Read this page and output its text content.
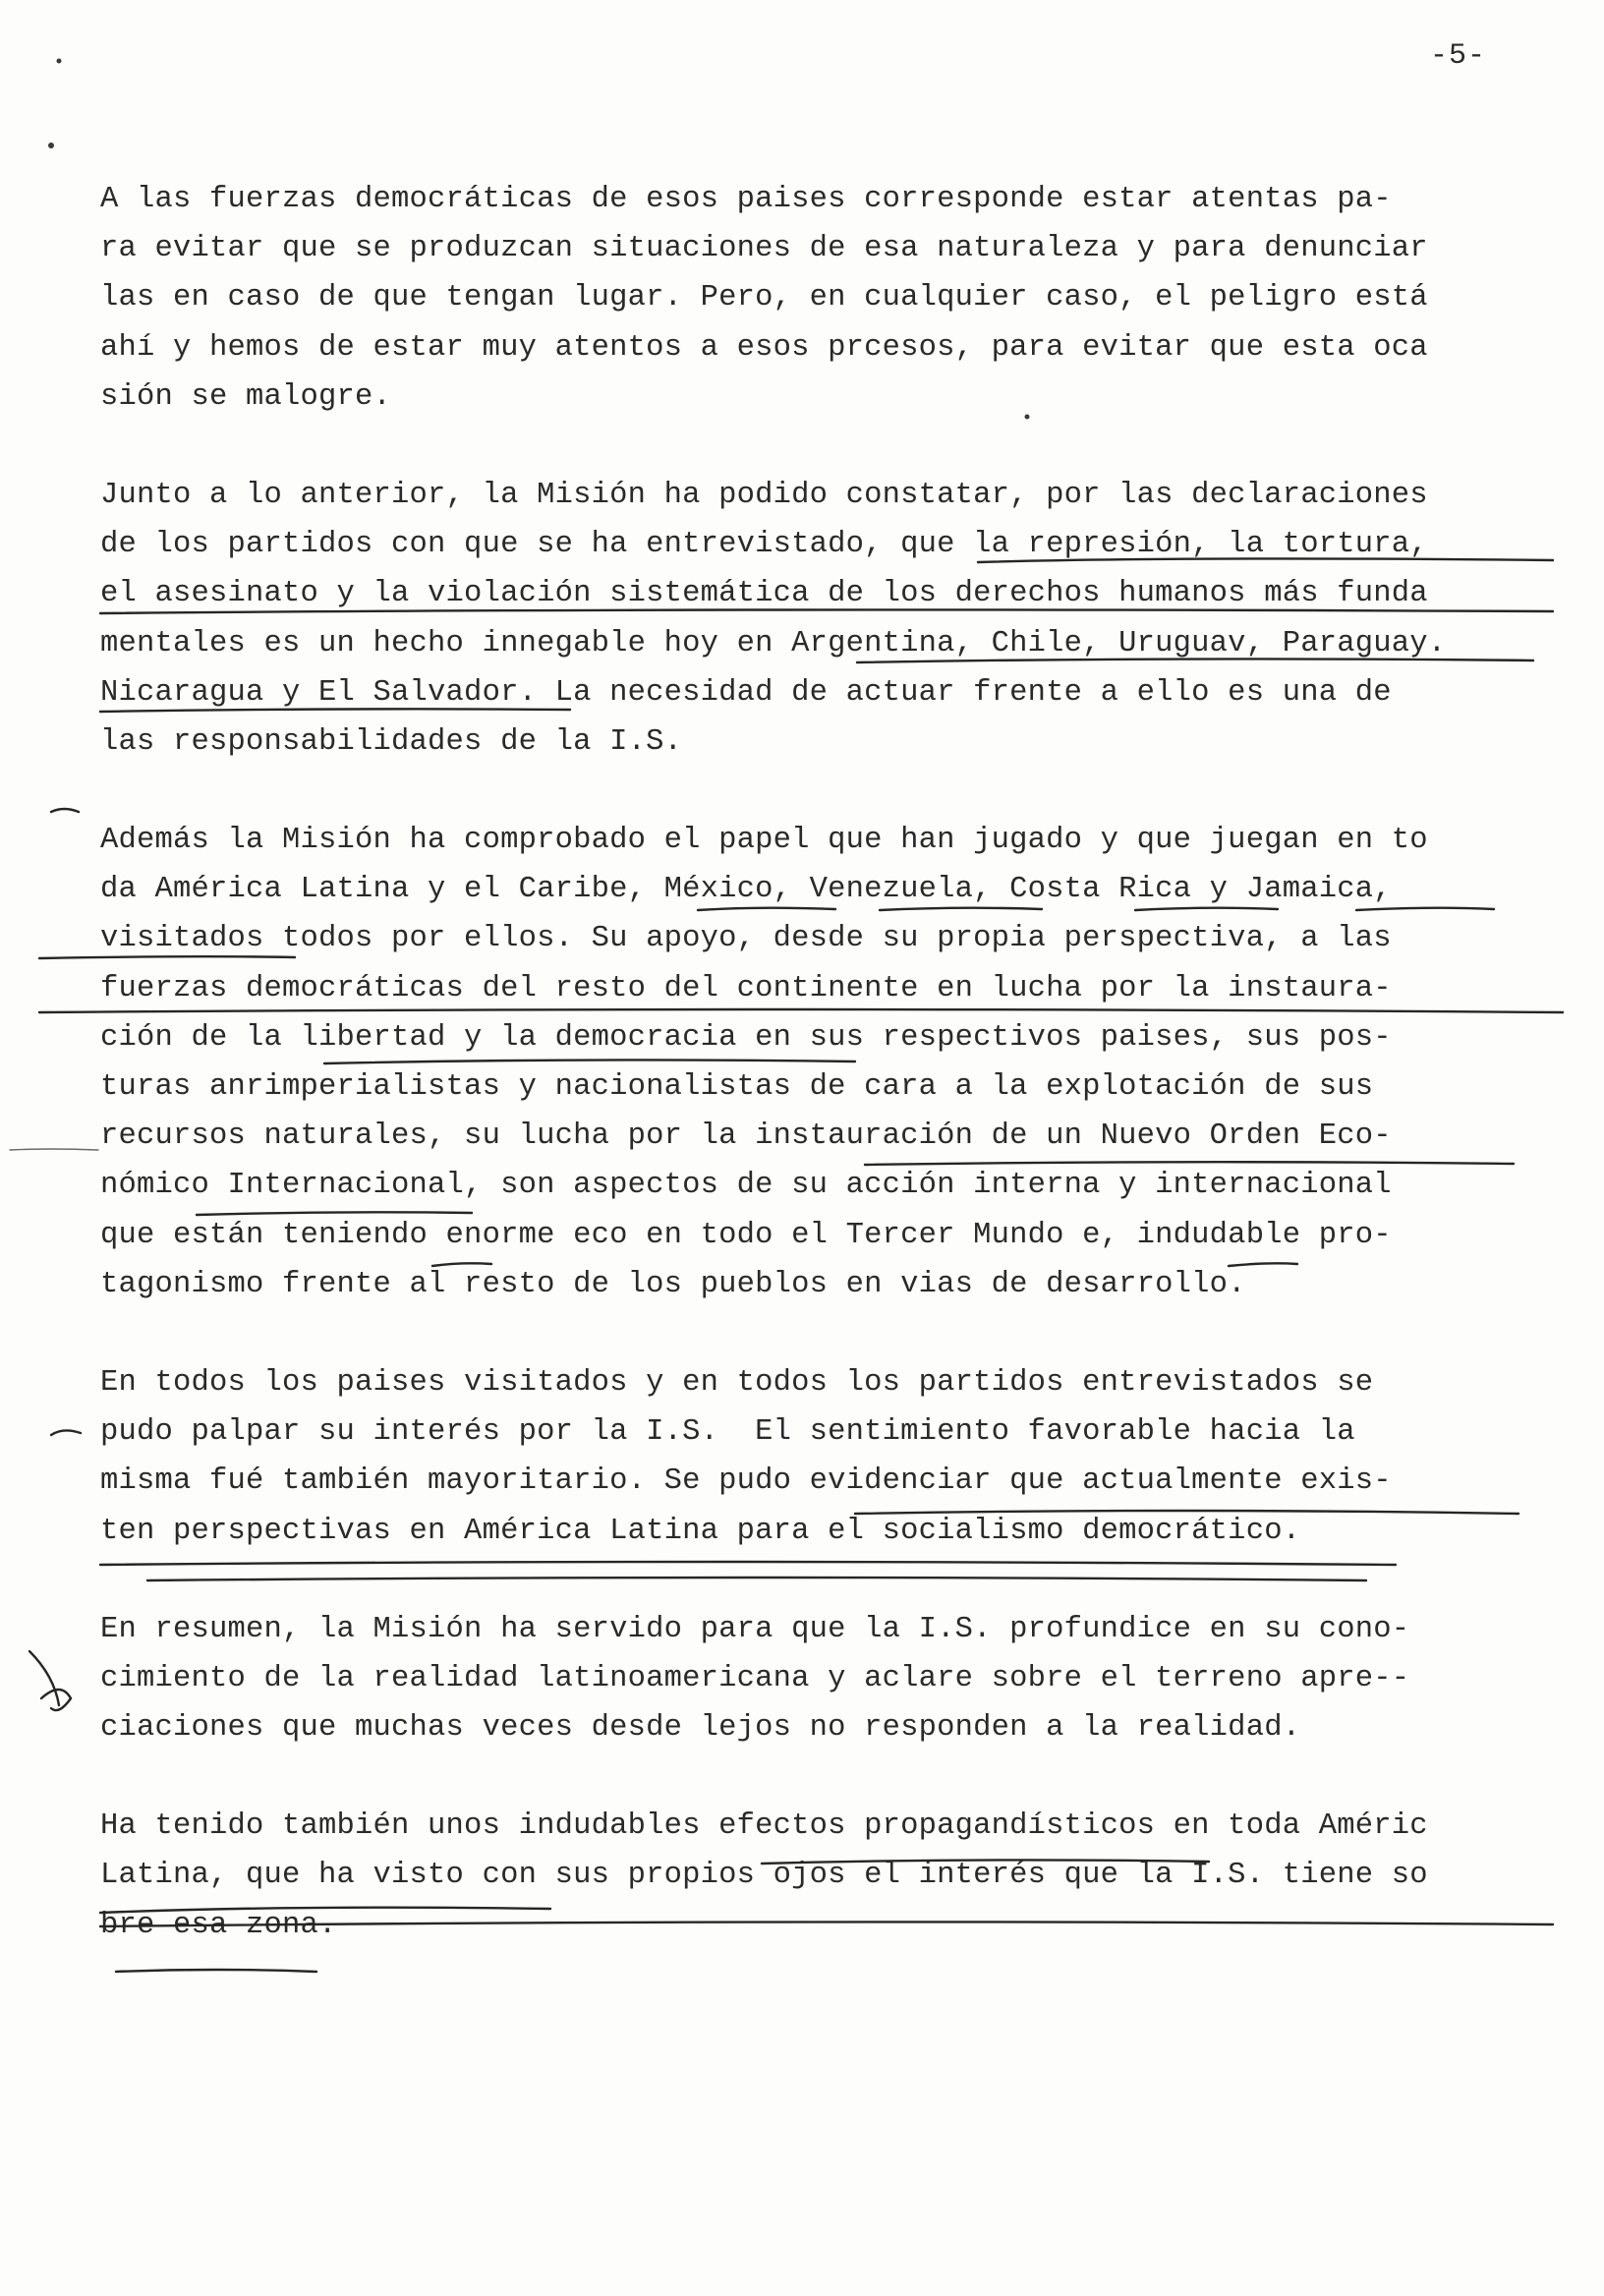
-5-
A las fuerzas democráticas de esos paises corresponde estar atentas pa-
ra evitar que se produzcan situaciones de esa naturaleza y para denunciar
las en caso de que tengan lugar. Pero, en cualquier caso, el peligro está
ahí y hemos de estar muy atentos a esos prcesos, para evitar que esta oca
sión se malogre.
Junto a lo anterior, la Misión ha podido constatar, por las declaraciones
de los partidos con que se ha entrevistado, que la represión, la tortura,
el asesinato y la violación sistemática de los derechos humanos más funda
mentales es un hecho innegable hoy en Argentina, Chile, Uruguav, Paraguay.
Nicaragua y El Salvador. La necesidad de actuar frente a ello es una de
las responsabilidades de la I.S.
Además la Misión ha comprobado el papel que han jugado y que juegan en to
da América Latina y el Caribe, México, Venezuela, Costa Rica y Jamaica,
visitados todos por ellos. Su apoyo, desde su propia perspectiva, a las
fuerzas democráticas del resto del continente en lucha por la instaura-
ción de la libertad y la democracia en sus respectivos paises, sus pos-
turas anrimperialistas y nacionalistas de cara a la explotación de sus
recursos naturales, su lucha por la instauración de un Nuevo Orden Eco-
nómico Internacional, son aspectos de su acción interna y internacional
que están teniendo enorme eco en todo el Tercer Mundo e, indudable pro-
tagonismo frente al resto de los pueblos en vias de desarrollo.
En todos los paises visitados y en todos los partidos entrevistados se
pudo palpar su interés por la I.S.  El sentimiento favorable hacia la
misma fué también mayoritario. Se pudo evidenciar que actualmente exis-
ten perspectivas en América Latina para el socialismo democrático.
En resumen, la Misión ha servido para que la I.S. profundice en su cono-
cimiento de la realidad latinoamericana y aclare sobre el terreno apre--
ciaciones que muchas veces desde lejos no responden a la realidad.
Ha tenido también unos indudables efectos propagandísticos en toda Améric
Latina, que ha visto con sus propios ojos el interés que la I.S. tiene so
bre esa zona.
